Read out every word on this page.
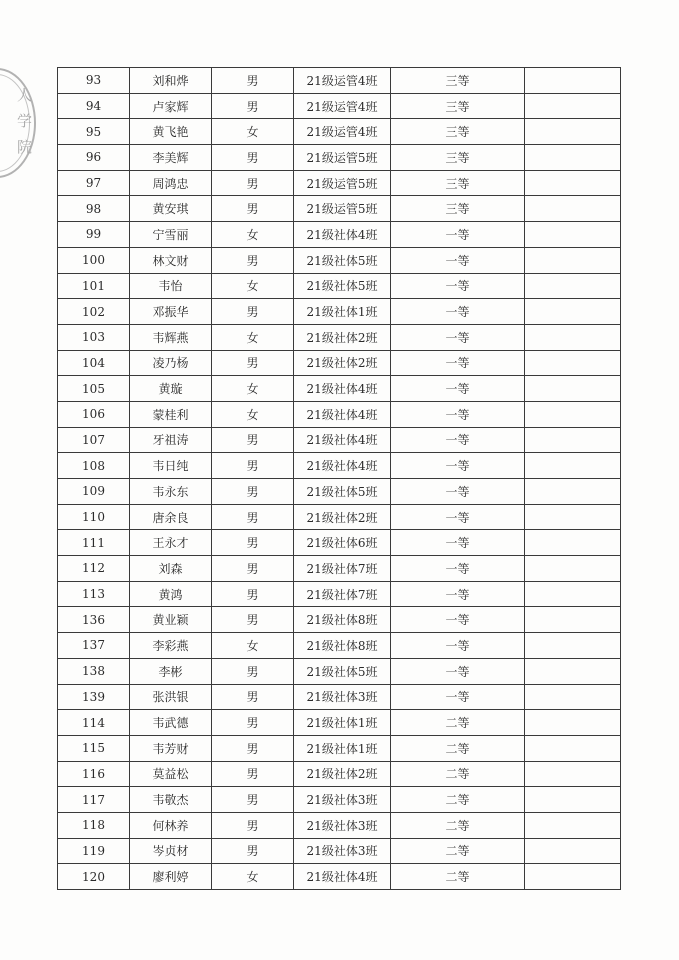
人
学
院
93	刘和烨	男	21级运管4班	三等	
94	卢家辉	男	21级运管4班	三等	
95	黄飞艳	女	21级运管4班	三等	
96	李美辉	男	21级运管5班	三等	
97	周鸿忠	男	21级运管5班	三等	
98	黄安琪	男	21级运管5班	三等	
99	宁雪丽	女	21级社体4班	一等	
100	林文财	男	21级社体5班	一等	
101	韦怡	女	21级社体5班	一等	
102	邓振华	男	21级社体1班	一等	
103	韦辉燕	女	21级社体2班	一等	
104	凌乃杨	男	21级社体2班	一等	
105	黄璇	女	21级社体4班	一等	
106	蒙桂利	女	21级社体4班	一等	
107	牙祖涛	男	21级社体4班	一等	
108	韦日纯	男	21级社体4班	一等	
109	韦永东	男	21级社体5班	一等	
110	唐余良	男	21级社体2班	一等	
111	王永才	男	21级社体6班	一等	
112	刘森	男	21级社体7班	一等	
113	黄鸿	男	21级社体7班	一等	
136	黄业颖	男	21级社体8班	一等	
137	李彩燕	女	21级社体8班	一等	
138	李彬	男	21级社体5班	一等	
139	张洪银	男	21级社体3班	一等	
114	韦武德	男	21级社体1班	二等	
115	韦芳财	男	21级社体1班	二等	
116	莫益松	男	21级社体2班	二等	
117	韦敬杰	男	21级社体3班	二等	
118	何林养	男	21级社体3班	二等	
119	岑贞材	男	21级社体3班	二等	
120	廖利婷	女	21级社体4班	二等	
